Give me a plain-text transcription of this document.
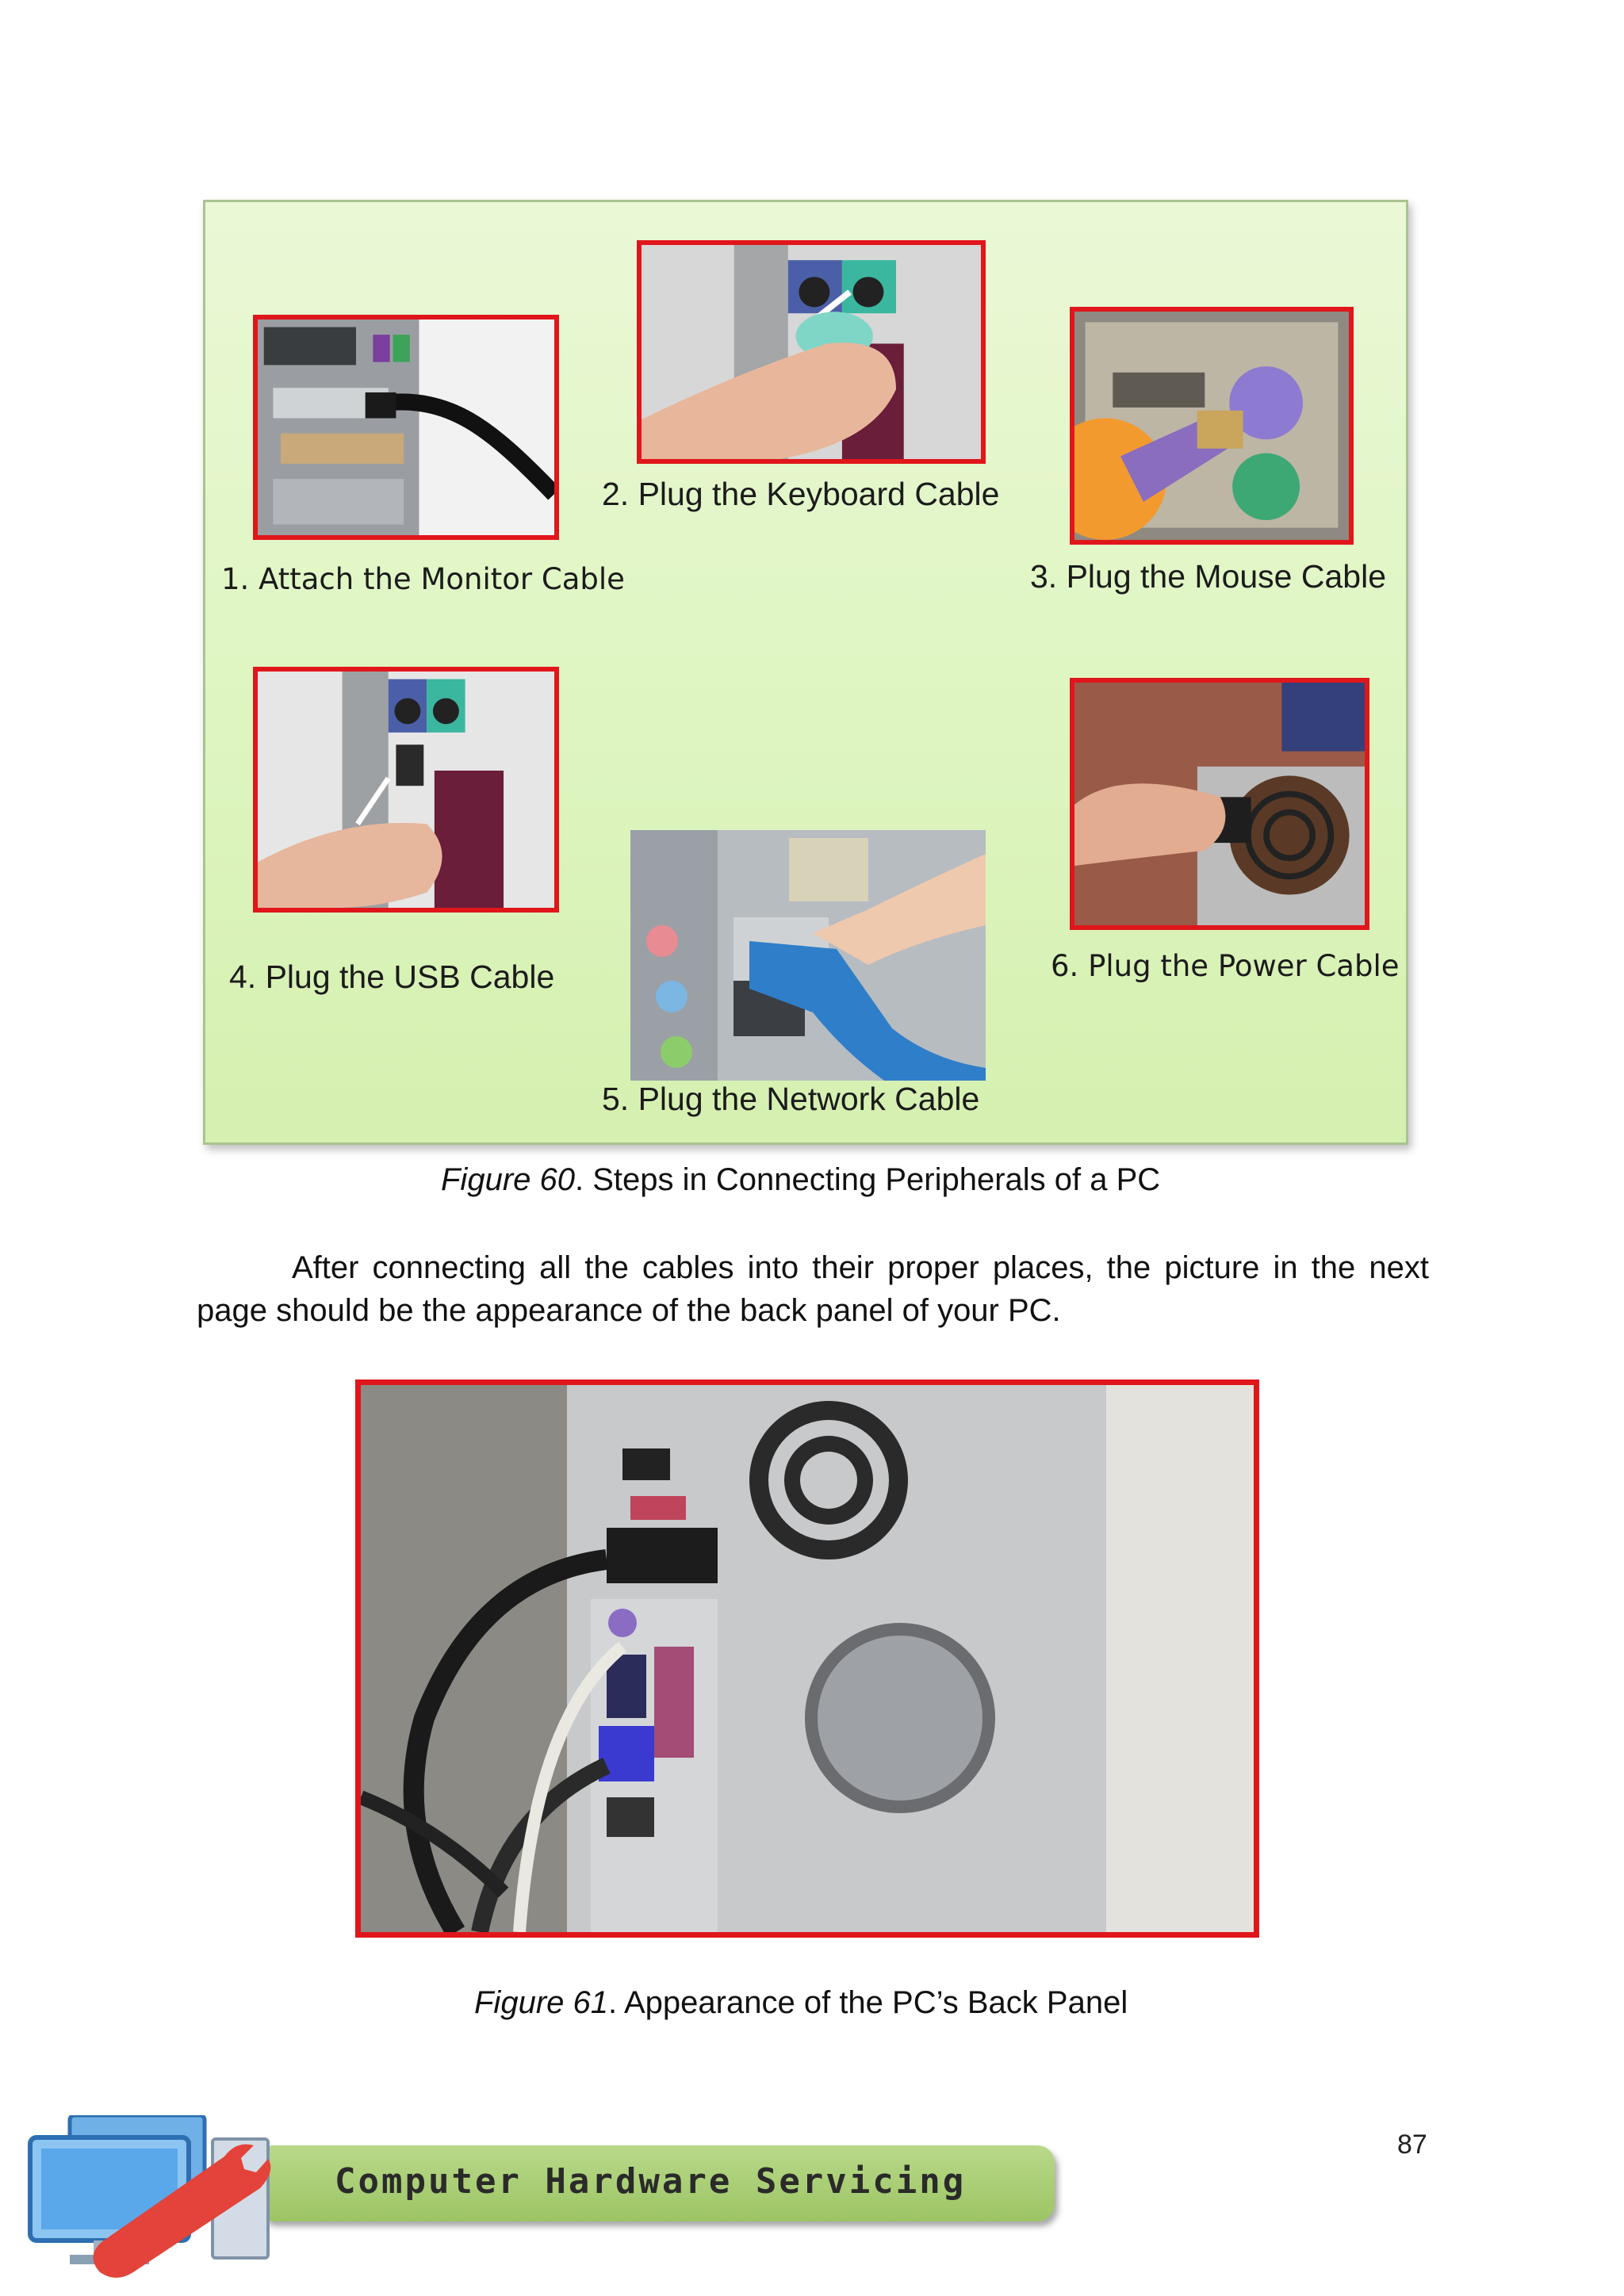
1. Attach the Monitor Cable
2. Plug the Keyboard Cable
3. Plug the Mouse Cable
4. Plug the USB Cable
5. Plug the Network Cable
6. Plug the Power Cable
Figure 60. Steps in Connecting Peripherals of a PC
After connecting all the cables into their proper places, the picture in the next page should be the appearance of the back panel of your PC.
Figure 61. Appearance of the PC’s Back Panel
87
Computer Hardware Servicing
